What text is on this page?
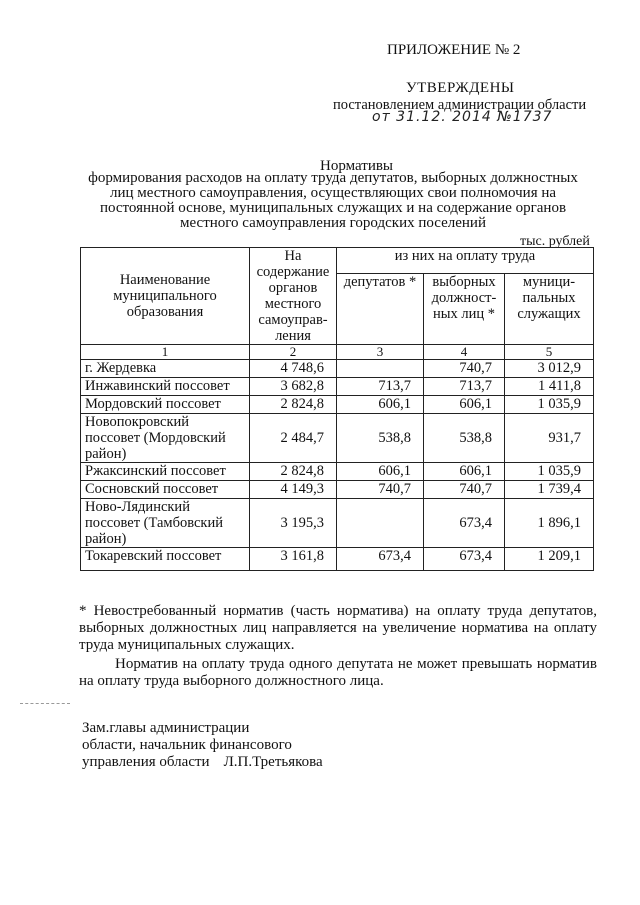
ПРИЛОЖЕНИЕ № 2
УТВЕРЖДЕНЫ
постановлением администрации области
от 31.12. 2014 №1737
Нормативы
формирования расходов на оплату труда депутатов, выборных должностных лиц местного самоуправления, осуществляющих свои полномочия на постоянной основе, муниципальных служащих и на содержание органов местного самоуправления городских поселений
тыс. рублей
Наименование муниципального образования	На содержание органов местного самоуправ-ления	из них на оплату труда		
		депутатов *	выборных должност-ных лиц *	муници-пальных служащих
1	2	3	4	5
г. Жердевка	4 748,6		740,7	3 012,9
Инжавинский поссовет	3 682,8	713,7	713,7	1 411,8
Мордовский поссовет	2 824,8	606,1	606,1	1 035,9
Новопокровский поссовет (Мордовский район)	2 484,7	538,8	538,8	931,7
Ржаксинский поссовет	2 824,8	606,1	606,1	1 035,9
Сосновский поссовет	4 149,3	740,7	740,7	1 739,4
Ново-Лядинский поссовет (Тамбовский район)	3 195,3		673,4	1 896,1
Токаревский поссовет	3 161,8	673,4	673,4	1 209,1
* Невостребованный норматив (часть норматива) на оплату труда депутатов, выборных должностных лиц направляется на увеличение норматива на оплату труда муниципальных служащих.
Норматив на оплату труда одного депутата не может превышать норматив на оплату труда выборного должностного лица.
Зам.главы администрации
области, начальник финансового
управления области Л.П.Третьякова
